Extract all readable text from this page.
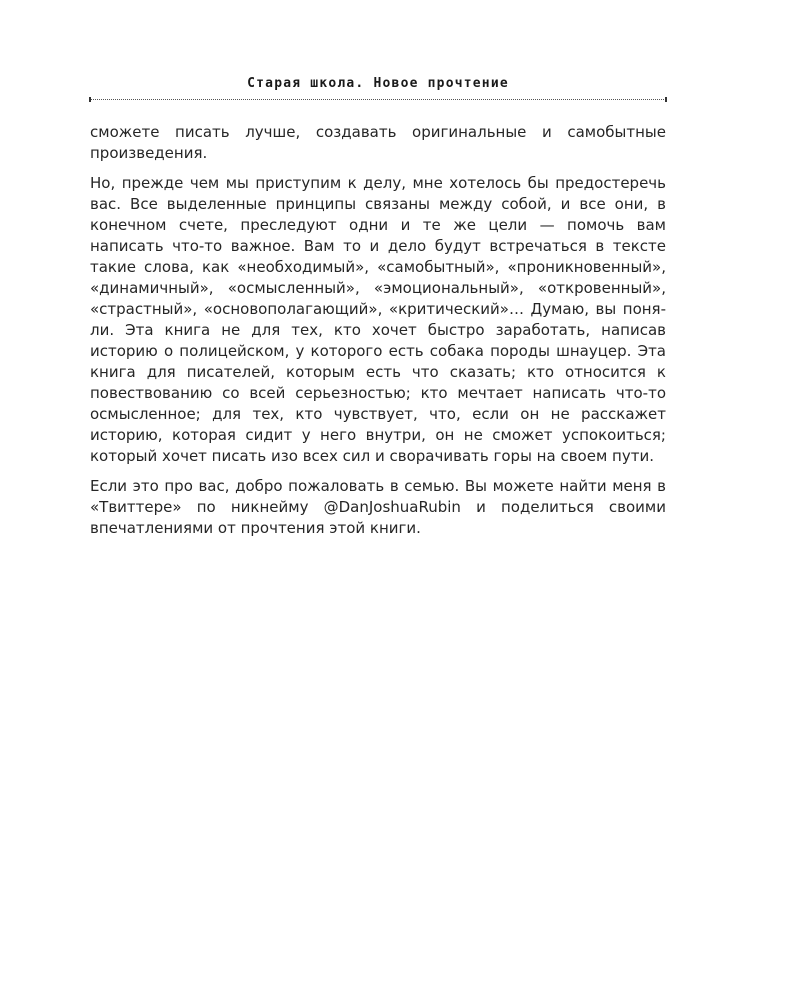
Старая школа. Новое прочтение

сможете писать лучше, создавать оригинальные и самобытные произведения.

Но, прежде чем мы приступим к делу, мне хотелось бы предостеречь вас. Все выделенные принципы связаны между собой, и все они, в конечном счете, преследуют одни и те же цели — помочь вам написать что-то важное. Вам то и дело будут встречаться в тексте такие слова, как «необходимый», «самобытный», «проникновенный», «динамичный», «осмысленный», «эмоциональный», «откровенный», «страстный», «основополагающий», «критический»… Думаю, вы поняли. Эта книга не для тех, кто хочет быстро заработать, написав историю о полицейском, у которого есть собака породы шнауцер. Эта книга для писателей, которым есть что сказать; кто относится к повествованию со всей серьезностью; кто мечтает написать что-то осмысленное; для тех, кто чувствует, что, если он не расскажет историю, которая сидит у него внутри, он не сможет успокоиться; который хочет писать изо всех сил и сворачивать горы на своем пути.

Если это про вас, добро пожаловать в семью. Вы можете найти меня в «Твиттере» по никнейму @DanJoshuaRubin и поделиться своими впечатлениями от прочтения этой книги.
